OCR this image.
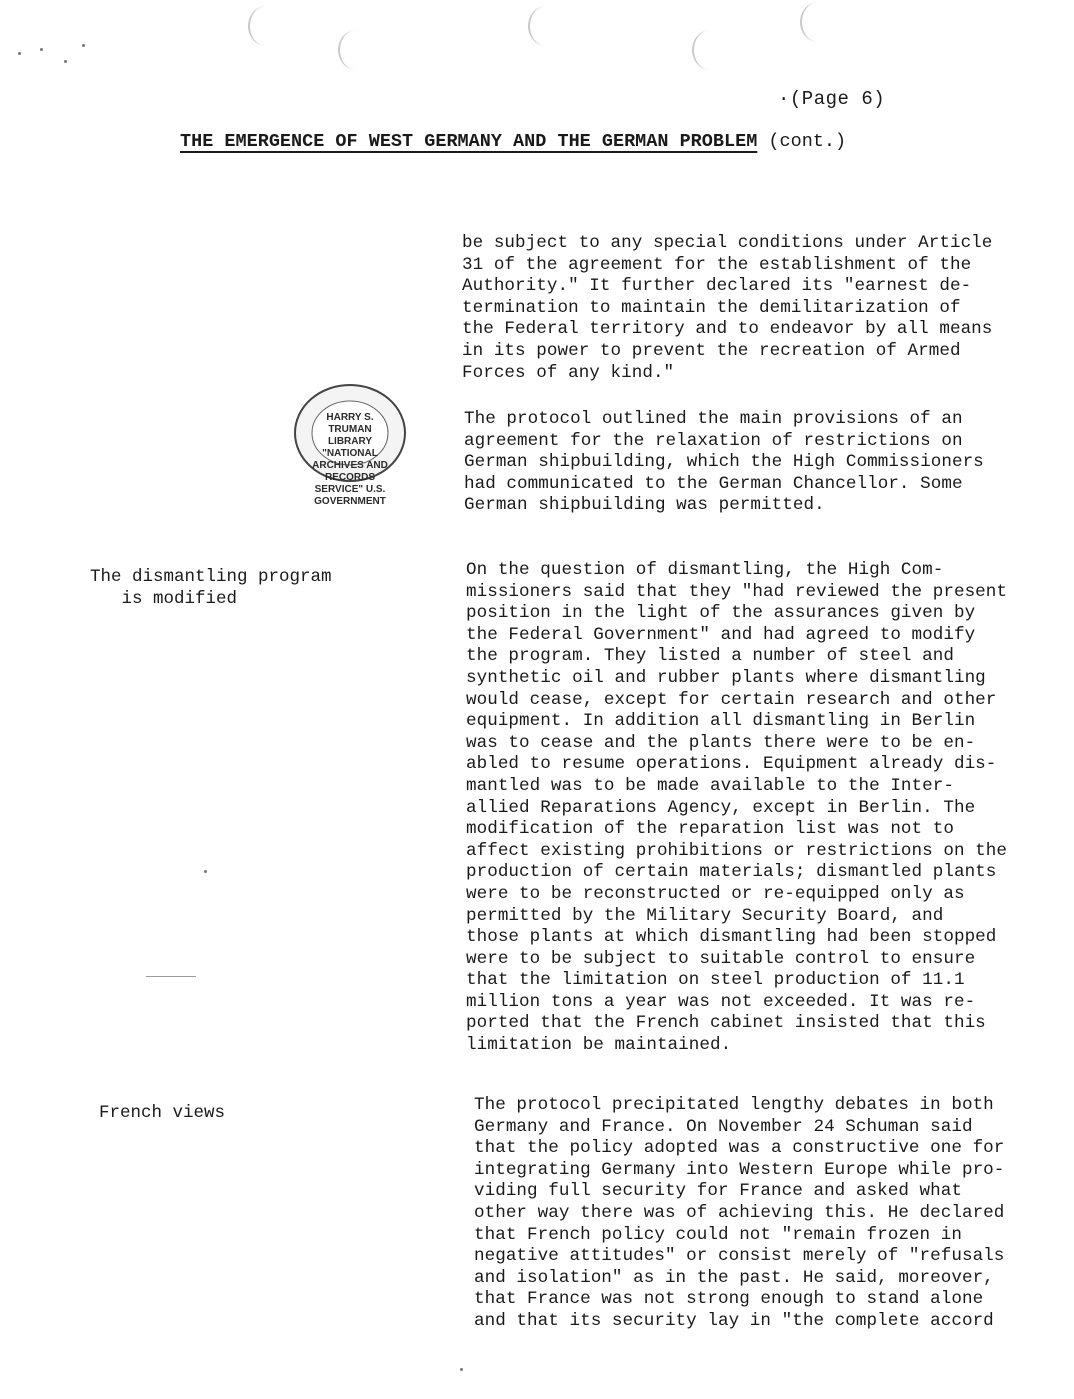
·(Page 6)
THE EMERGENCE OF WEST GERMANY AND THE GERMAN PROBLEM (cont.)
HARRY S. TRUMAN LIBRARY "NATIONAL ARCHIVES AND RECORDS SERVICE" U.S. GOVERNMENT
The dismantling program
is modified
French views
be subject to any special conditions under Article
31 of the agreement for the establishment of the
Authority." It further declared its "earnest de-
termination to maintain the demilitarization of
the Federal territory and to endeavor by all means
in its power to prevent the recreation of Armed
Forces of any kind."
The protocol outlined the main provisions of an
agreement for the relaxation of restrictions on
German shipbuilding, which the High Commissioners
had communicated to the German Chancellor. Some
German shipbuilding was permitted.
On the question of dismantling, the High Com-
missioners said that they "had reviewed the present
position in the light of the assurances given by
the Federal Government" and had agreed to modify
the program. They listed a number of steel and
synthetic oil and rubber plants where dismantling
would cease, except for certain research and other
equipment. In addition all dismantling in Berlin
was to cease and the plants there were to be en-
abled to resume operations. Equipment already dis-
mantled was to be made available to the Inter-
allied Reparations Agency, except in Berlin. The
modification of the reparation list was not to
affect existing prohibitions or restrictions on the
production of certain materials; dismantled plants
were to be reconstructed or re-equipped only as
permitted by the Military Security Board, and
those plants at which dismantling had been stopped
were to be subject to suitable control to ensure
that the limitation on steel production of 11.1
million tons a year was not exceeded. It was re-
ported that the French cabinet insisted that this
limitation be maintained.
The protocol precipitated lengthy debates in both
Germany and France. On November 24 Schuman said
that the policy adopted was a constructive one for
integrating Germany into Western Europe while pro-
viding full security for France and asked what
other way there was of achieving this. He declared
that French policy could not "remain frozen in
negative attitudes" or consist merely of "refusals
and isolation" as in the past. He said, moreover,
that France was not strong enough to stand alone
and that its security lay in "the complete accord
